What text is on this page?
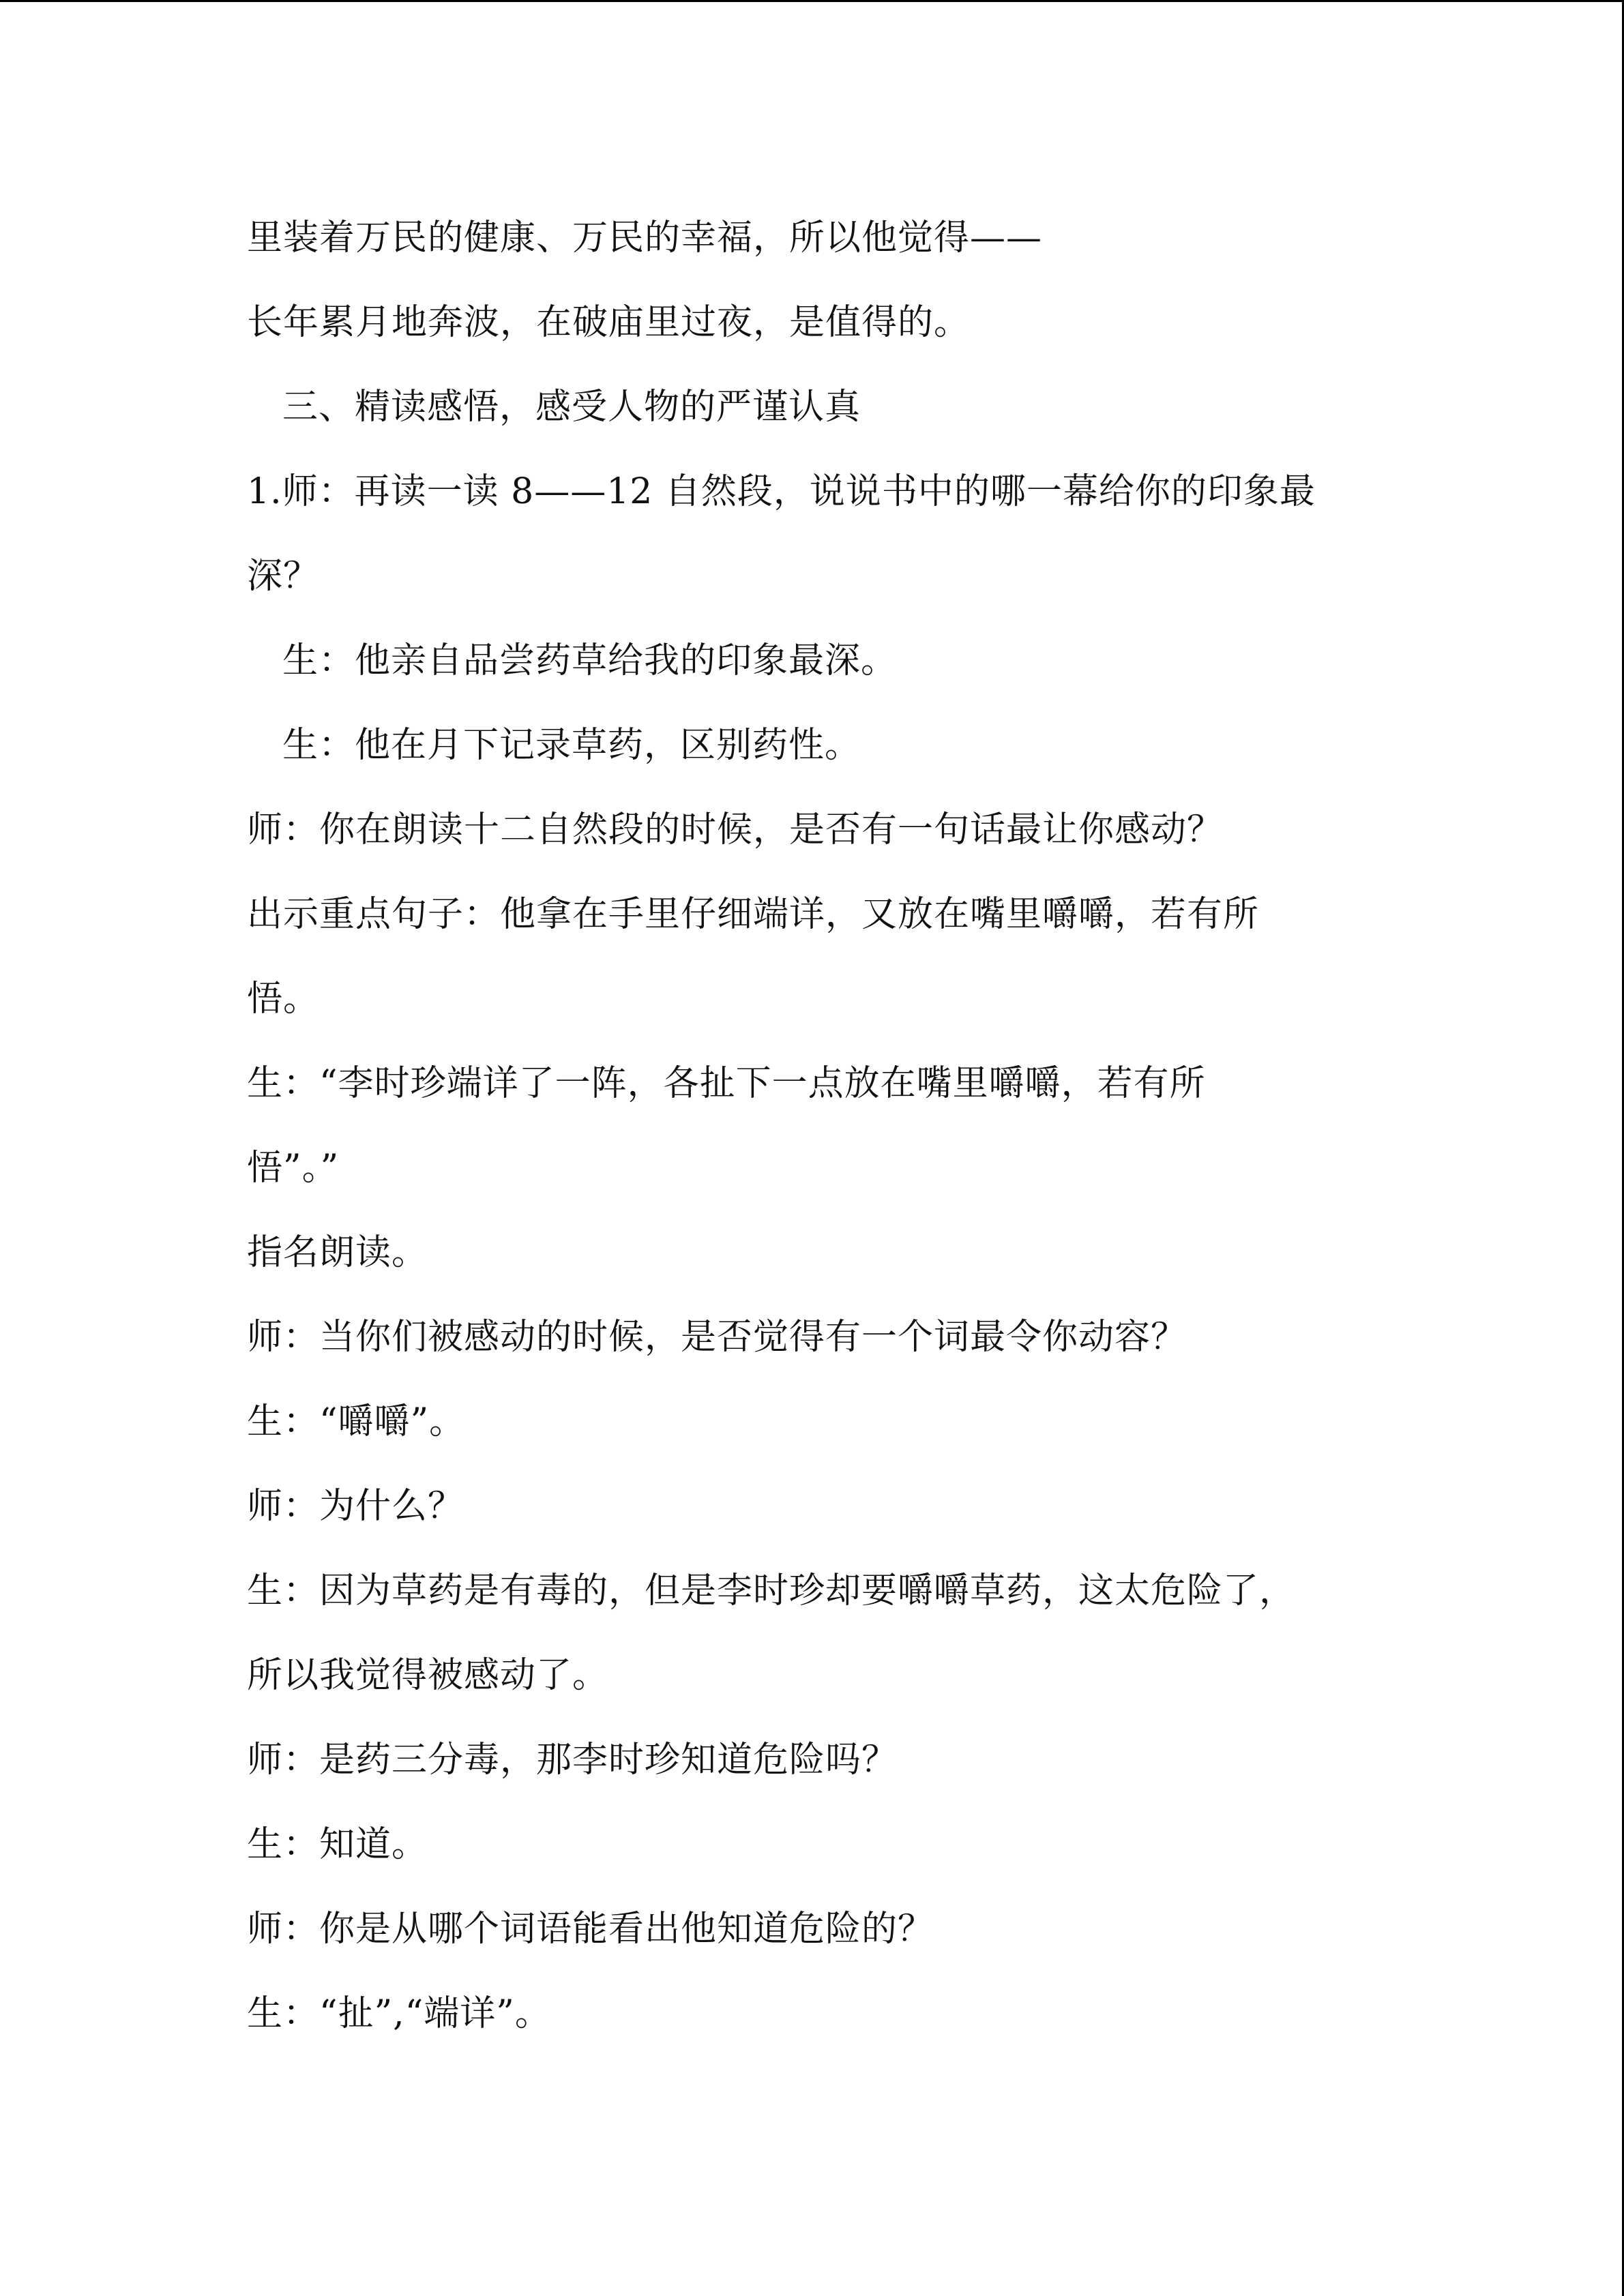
里装着万民的健康、万民的幸福，所以他觉得——
长年累月地奔波，在破庙里过夜，是值得的。
三、精读感悟，感受人物的严谨认真
1.师：再读一读 8——12 自然段，说说书中的哪一幕给你的印象最
深？
生：他亲自品尝药草给我的印象最深。
生：他在月下记录草药，区别药性。
师：你在朗读十二自然段的时候，是否有一句话最让你感动？
出示重点句子：他拿在手里仔细端详，又放在嘴里嚼嚼，若有所
悟。
生：“李时珍端详了一阵，各扯下一点放在嘴里嚼嚼，若有所
悟”。”
指名朗读。
师：当你们被感动的时候，是否觉得有一个词最令你动容？
生：“嚼嚼”。
师：为什么？
生：因为草药是有毒的，但是李时珍却要嚼嚼草药，这太危险了，
所以我觉得被感动了。
师：是药三分毒，那李时珍知道危险吗？
生：知道。
师：你是从哪个词语能看出他知道危险的？
生：“扯”,“端详”。
